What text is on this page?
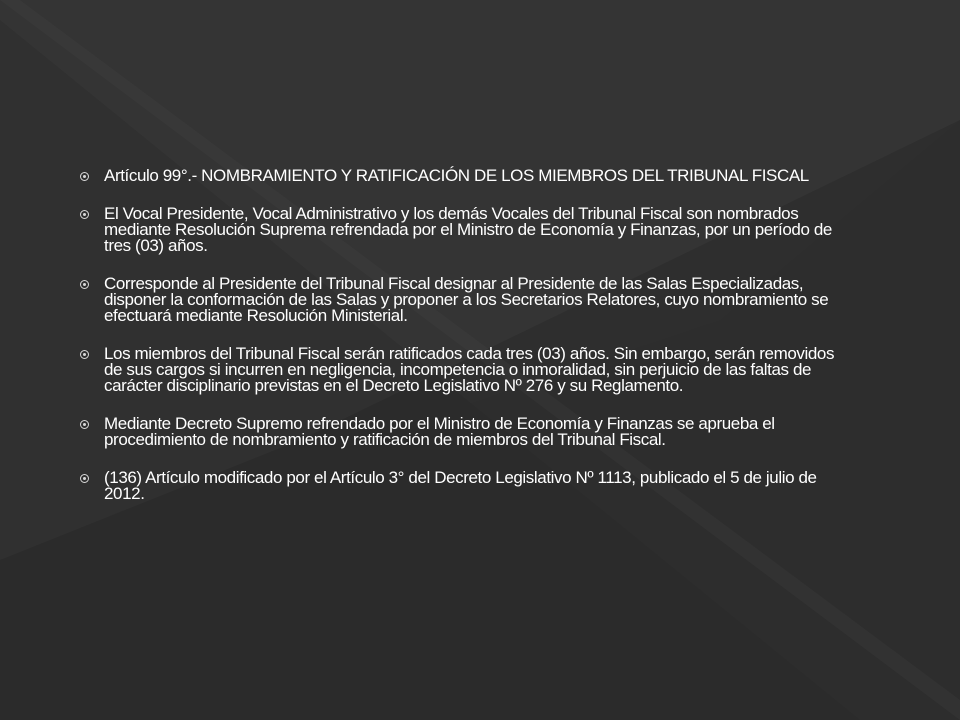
Artículo 99°.- NOMBRAMIENTO Y RATIFICACIÓN DE LOS MIEMBROS DEL TRIBUNAL FISCAL
El Vocal Presidente, Vocal Administrativo y los demás Vocales del Tribunal Fiscal son nombrados mediante Resolución Suprema refrendada por el Ministro de Economía y Finanzas, por un período de tres (03) años.
Corresponde al Presidente del Tribunal Fiscal designar al Presidente de las Salas Especializadas, disponer la conformación de las Salas y proponer a los Secretarios Relatores, cuyo nombramiento se efectuará mediante Resolución Ministerial.
Los miembros del Tribunal Fiscal serán ratificados cada tres (03) años. Sin embargo, serán removidos de sus cargos si incurren en negligencia, incompetencia o inmoralidad, sin perjuicio de las faltas de carácter disciplinario previstas en el Decreto Legislativo Nº 276 y su Reglamento.
Mediante Decreto Supremo refrendado por el Ministro de Economía y Finanzas se aprueba el procedimiento de nombramiento y ratificación de miembros del Tribunal Fiscal.
(136) Artículo modificado por el Artículo 3° del Decreto Legislativo Nº 1113, publicado el 5 de julio de 2012.
